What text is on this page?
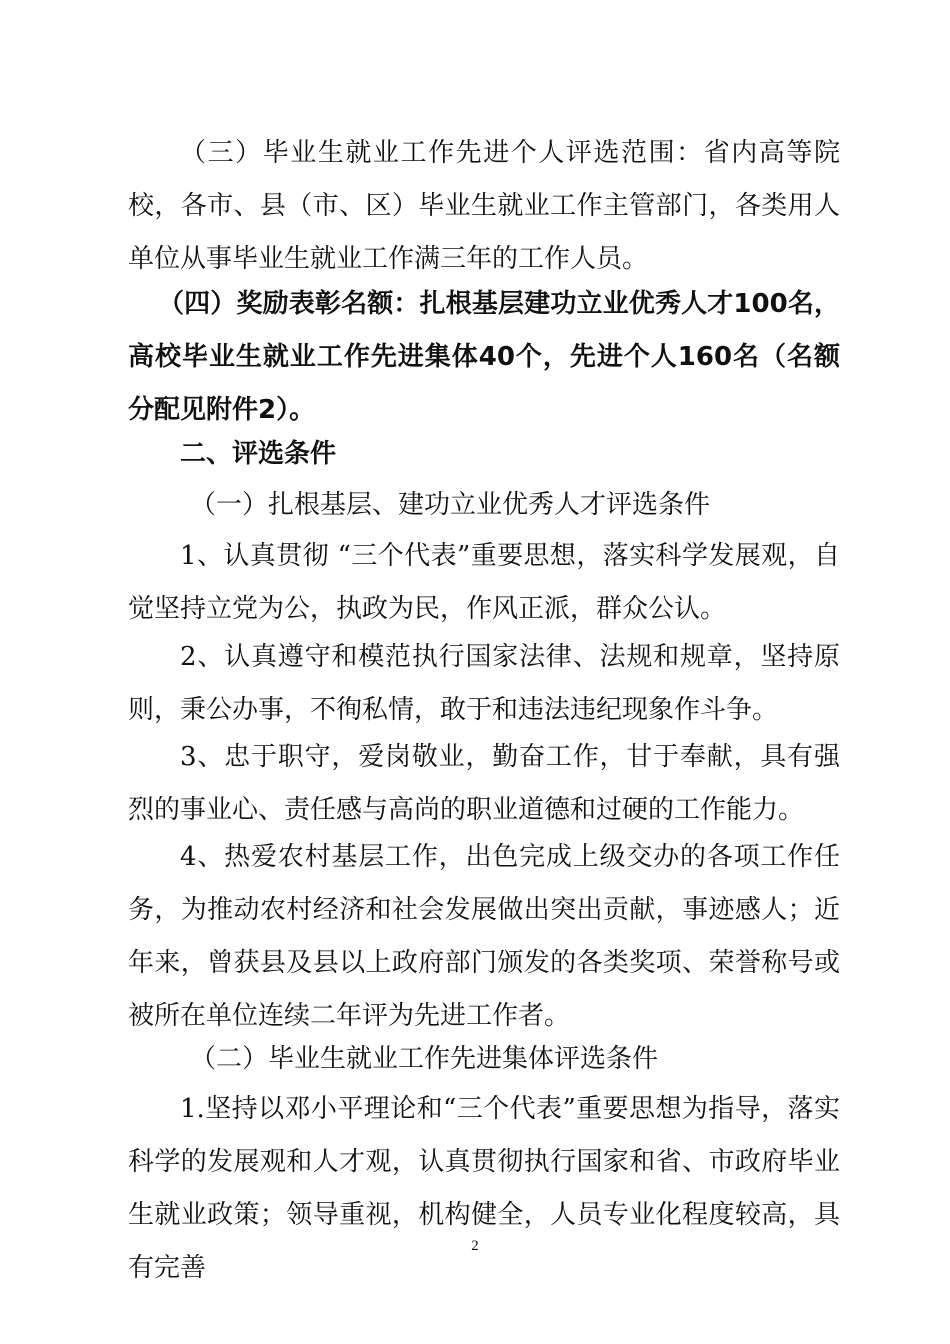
（三）毕业生就业工作先进个人评选范围：省内高等院校，各市、县（市、区）毕业生就业工作主管部门，各类用人单位从事毕业生就业工作满三年的工作人员。

（四）奖励表彰名额：扎根基层建功立业优秀人才100名，高校毕业生就业工作先进集体40个，先进个人160名（名额分配见附件2）。

二、评选条件

（一）扎根基层、建功立业优秀人才评选条件

1、认真贯彻 “三个代表”重要思想，落实科学发展观，自觉坚持立党为公，执政为民，作风正派，群众公认。

2、认真遵守和模范执行国家法律、法规和规章，坚持原则，秉公办事，不徇私情，敢于和违法违纪现象作斗争。

3、忠于职守，爱岗敬业，勤奋工作，甘于奉献，具有强烈的事业心、责任感与高尚的职业道德和过硬的工作能力。

4、热爱农村基层工作，出色完成上级交办的各项工作任务，为推动农村经济和社会发展做出突出贡献，事迹感人；近年来，曾获县及县以上政府部门颁发的各类奖项、荣誉称号或被所在单位连续二年评为先进工作者。

（二）毕业生就业工作先进集体评选条件

1.坚持以邓小平理论和“三个代表”重要思想为指导，落实科学的发展观和人才观，认真贯彻执行国家和省、市政府毕业生就业政策；领导重视，机构健全，人员专业化程度较高，具有完善

2
